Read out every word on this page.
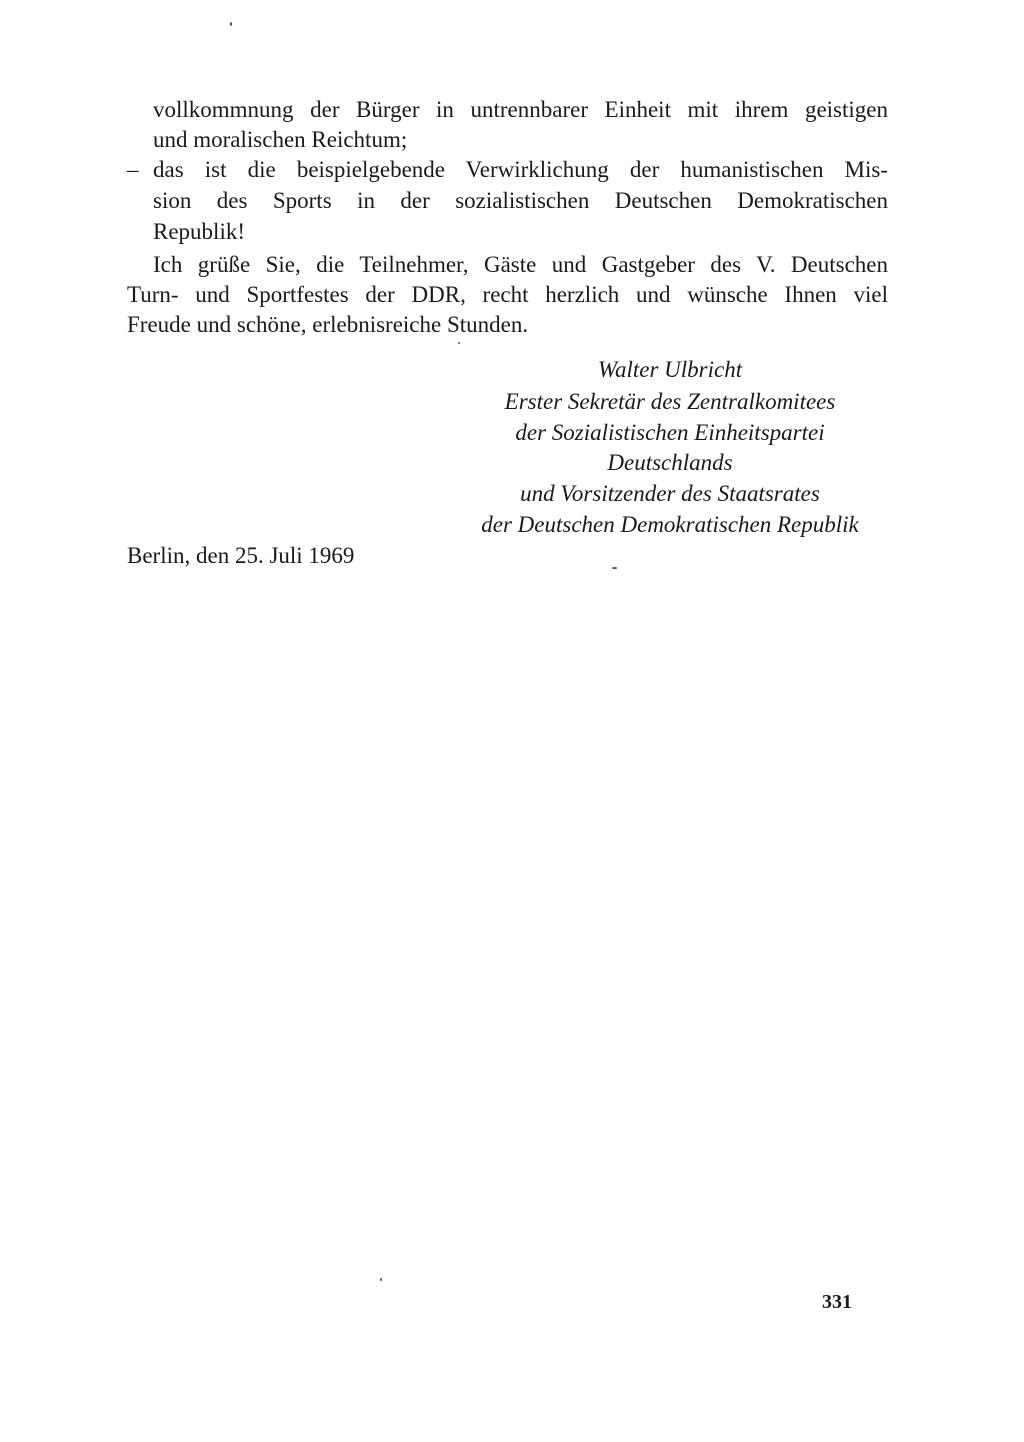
vollkommnung der Bürger in untrennbarer Einheit mit ihrem geistigen
und moralischen Reichtum;
– das ist die beispielgebende Verwirklichung der humanistischen Mis-
sion des Sports in der sozialistischen Deutschen Demokratischen
Republik!
Ich grüße Sie, die Teilnehmer, Gäste und Gastgeber des V. Deutschen
Turn- und Sportfestes der DDR, recht herzlich und wünsche Ihnen viel
Freude und schöne, erlebnisreiche Stunden.
Walter Ulbricht
Erster Sekretär des Zentralkomitees
der Sozialistischen Einheitspartei
Deutschlands
und Vorsitzender des Staatsrates
der Deutschen Demokratischen Republik
Berlin, den 25. Juli 1969
331
